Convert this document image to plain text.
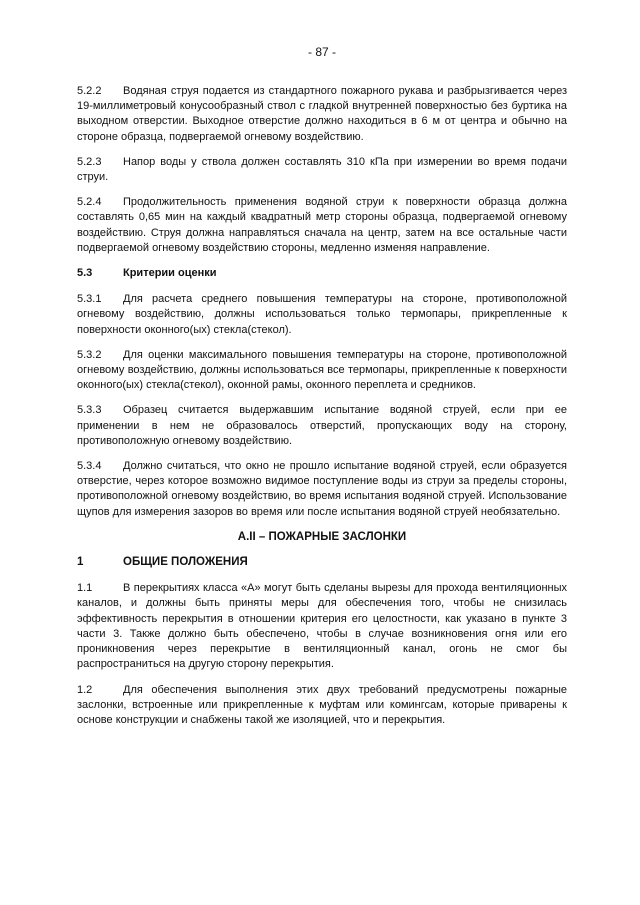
- 87 -

5.2.2 Водяная струя подается из стандартного пожарного рукава и разбрызгивается через 19-миллиметровый конусообразный ствол с гладкой внутренней поверхностью без буртика на выходном отверстии. Выходное отверстие должно находиться в 6 м от центра и обычно на стороне образца, подвергаемой огневому воздействию.

5.2.3 Напор воды у ствола должен составлять 310 кПа при измерении во время подачи струи.

5.2.4 Продолжительность применения водяной струи к поверхности образца должна составлять 0,65 мин на каждый квадратный метр стороны образца, подвергаемой огневому воздействию. Струя должна направляться сначала на центр, затем на все остальные части подвергаемой огневому воздействию стороны, медленно изменяя направление.

5.3	Критерии оценки

5.3.1 Для расчета среднего повышения температуры на стороне, противоположной огневому воздействию, должны использоваться только термопары, прикрепленные к поверхности оконного(ых) стекла(стекол).

5.3.2 Для оценки максимального повышения температуры на стороне, противоположной огневому воздействию, должны использоваться все термопары, прикрепленные к поверхности оконного(ых) стекла(стекол), оконной рамы, оконного переплета и средников.

5.3.3 Образец считается выдержавшим испытание водяной струей, если при ее применении в нем не образовалось отверстий, пропускающих воду на сторону, противоположную огневому воздействию.

5.3.4 Должно считаться, что окно не прошло испытание водяной струей, если образуется отверстие, через которое возможно видимое поступление воды из струи за пределы стороны, противоположной огневому воздействию, во время испытания водяной струей. Использование щупов для измерения зазоров во время или после испытания водяной струей необязательно.

A.II – ПОЖАРНЫЕ ЗАСЛОНКИ
1	ОБЩИЕ ПОЛОЖЕНИЯ

1.1	В перекрытиях класса «А» могут быть сделаны вырезы для прохода вентиляционных каналов, и должны быть приняты меры для обеспечения того, чтобы не снизилась эффективность перекрытия в отношении критерия его целостности, как указано в пункте 3 части 3. Также должно быть обеспечено, чтобы в случае возникновения огня или его проникновения через перекрытие в вентиляционный канал, огонь не смог бы распространиться на другую сторону перекрытия.

1.2	Для обеспечения выполнения этих двух требований предусмотрены пожарные заслонки, встроенные или прикрепленные к муфтам или комингсам, которые приварены к основе конструкции и снабжены такой же изоляцией, что и перекрытия.
